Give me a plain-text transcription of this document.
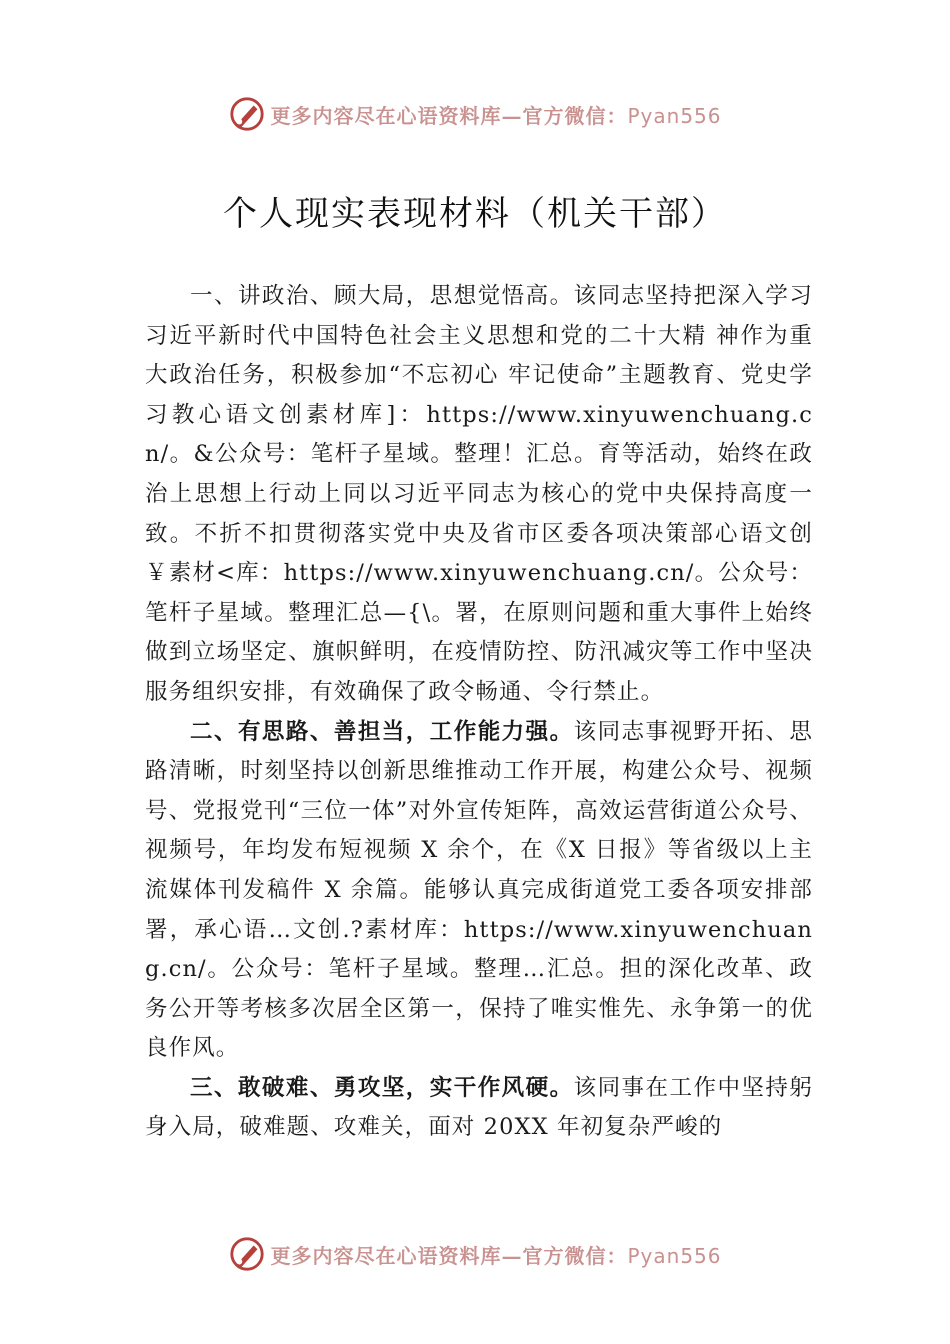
更多内容尽在心语资料库—官方微信：Pyan556
个人现实表现材料（机关干部）

一、讲政治、顾大局，思想觉悟高。该同志坚持把深入学习习近平新时代中国特色社会主义思想和党的二十大精 神作为重大政治任务，积极参加“不忘初心 牢记使命”主题教育、党史学习教心语文创素材库]：https://www.xinyuwenchuang.cn/。&公众号：笔杆子星域。整理！汇总。育等活动，始终在政治上思想上行动上同以习近平同志为核心的党中央保持高度一致。不折不扣贯彻落实党中央及省市区委各项决策部心语文创￥素材<库：https://www.xinyuwenchuang.cn/。公众号：笔杆子星域。整理汇总—{\。署，在原则问题和重大事件上始终做到立场坚定、旗帜鲜明，在疫情防控、防汛减灾等工作中坚决服务组织安排，有效确保了政令畅通、令行禁止。

二、有思路、善担当，工作能力强。该同志事视野开拓、思路清晰，时刻坚持以创新思维推动工作开展，构建公众号、视频号、党报党刊“三位一体”对外宣传矩阵，高效运营街道公众号、视频号，年均发布短视频 X 余个，在《X 日报》等省级以上主流媒体刊发稿件 X 余篇。能够认真完成街道党工委各项安排部署，承心语…文创.?素材库：https://www.xinyuwenchuang.cn/。公众号：笔杆子星域。整理…汇总。担的深化改革、政务公开等考核多次居全区第一，保持了唯实惟先、永争第一的优良作风。

三、敢破难、勇攻坚，实干作风硬。该同事在工作中坚持躬身入局，破难题、攻难关，面对 20XX 年初复杂严峻的

更多内容尽在心语资料库—官方微信：Pyan556
